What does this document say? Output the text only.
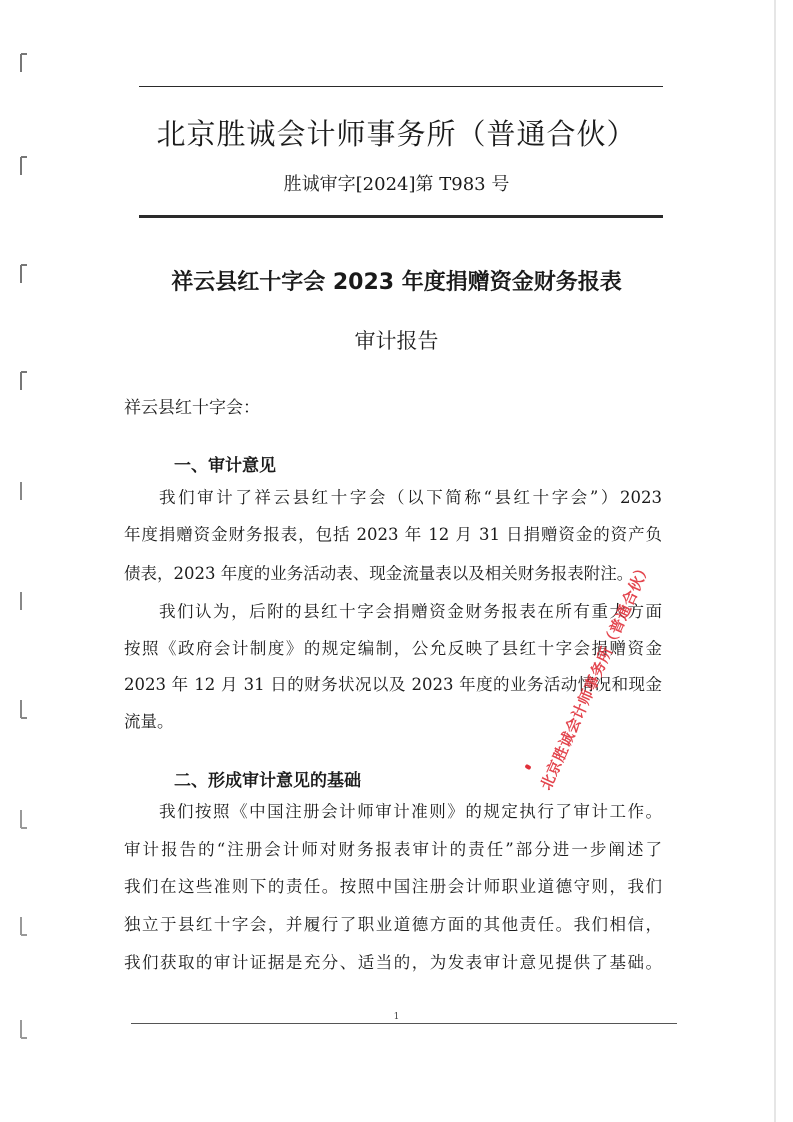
北京胜诚会计师事务所（普通合伙）
胜诚审字[2024]第 T983 号
祥云县红十字会 2023 年度捐赠资金财务报表
审计报告
祥云县红十字会：
一、审计意见
我们审计了祥云县红十字会（以下简称“县红十字会”）2023
年度捐赠资金财务报表，包括 2023 年 12 月 31 日捐赠资金的资产负
债表，2023 年度的业务活动表、现金流量表以及相关财务报表附注。
我们认为，后附的县红十字会捐赠资金财务报表在所有重大方面
按照《政府会计制度》的规定编制，公允反映了县红十字会捐赠资金
2023 年 12 月 31 日的财务状况以及 2023 年度的业务活动情况和现金
流量。
二、形成审计意见的基础
我们按照《中国注册会计师审计准则》的规定执行了审计工作。
审计报告的“注册会计师对财务报表审计的责任”部分进一步阐述了
我们在这些准则下的责任。按照中国注册会计师职业道德守则，我们
独立于县红十字会，并履行了职业道德方面的其他责任。我们相信，
我们获取的审计证据是充分、适当的，为发表审计意见提供了基础。
北京胜诚会计师事务所（普通合伙）
1
